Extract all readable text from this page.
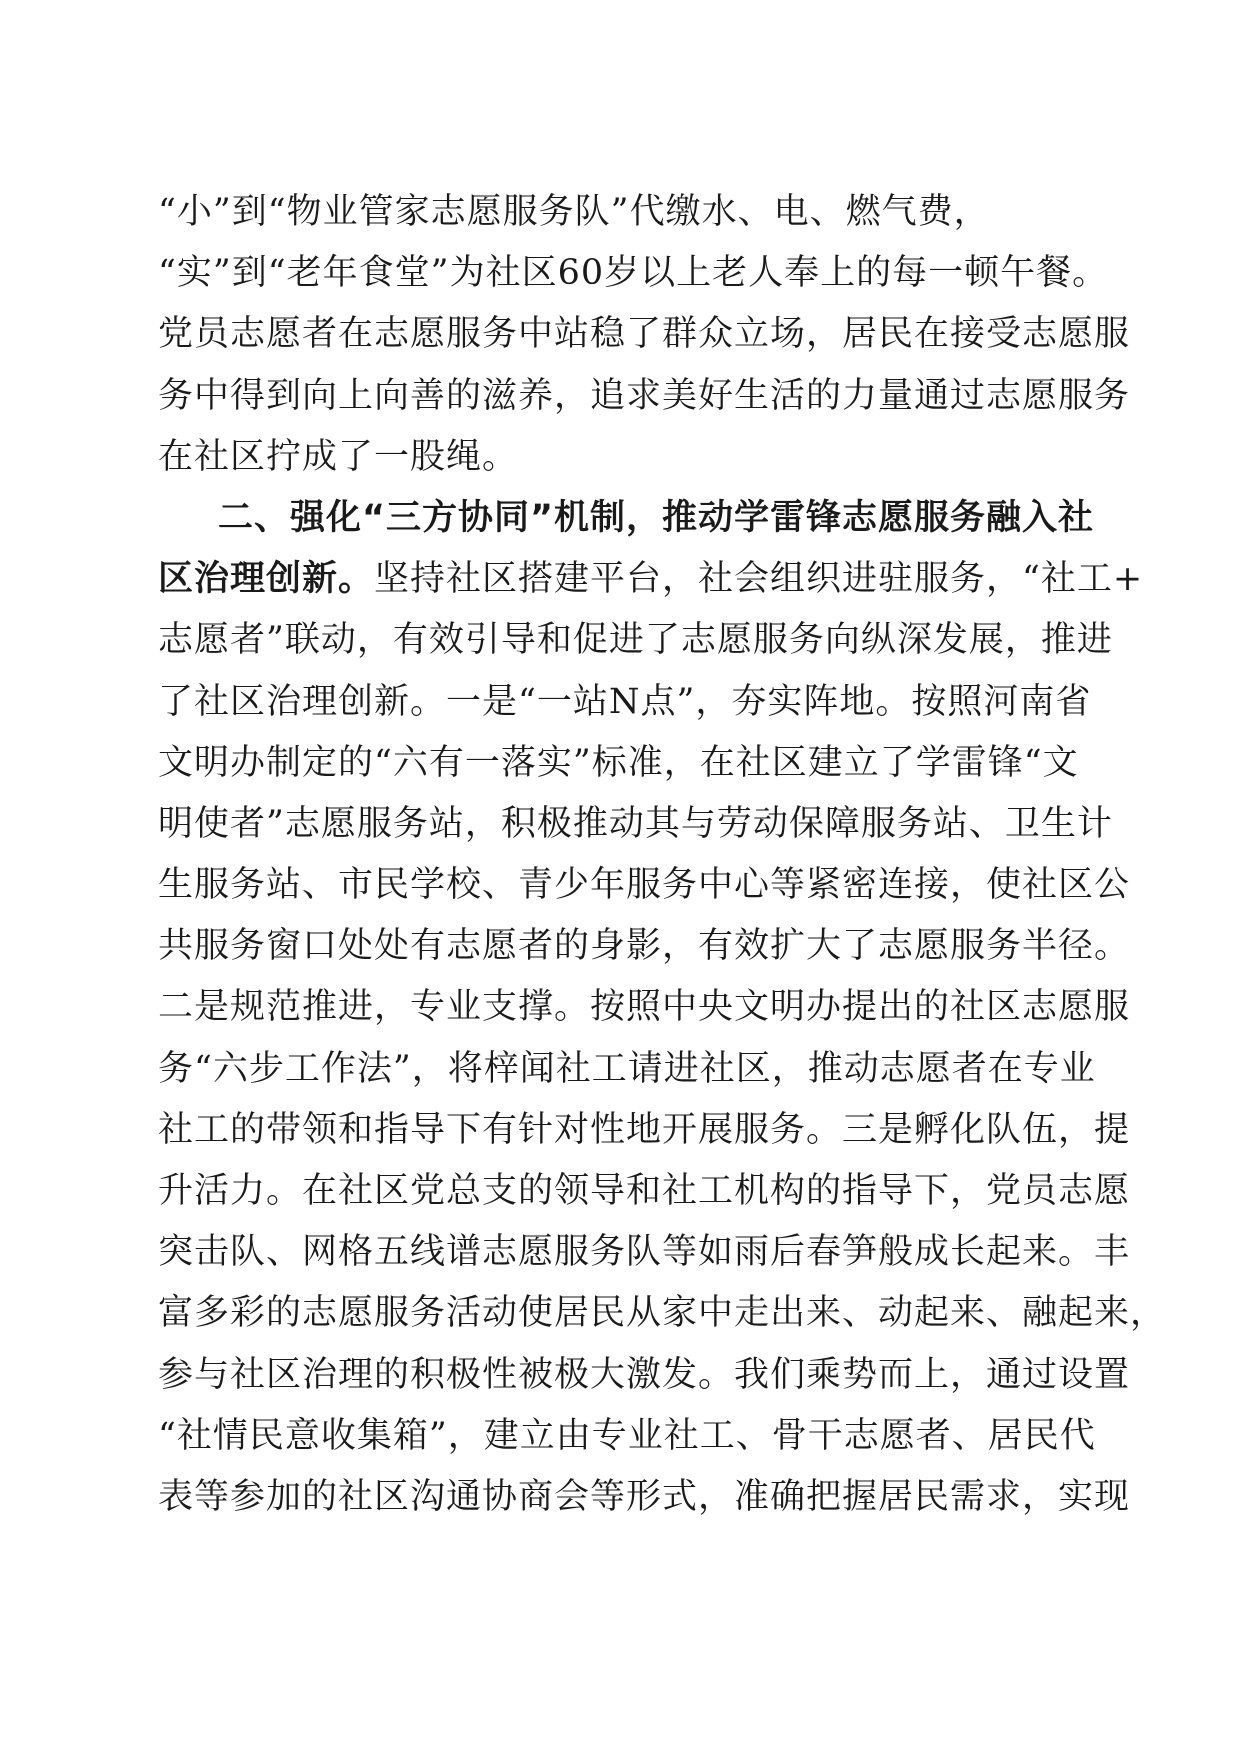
“小”到“物业管家志愿服务队”代缴水、电、燃气费，
“实”到“老年食堂”为社区60岁以上老人奉上的每一顿午餐。
党员志愿者在志愿服务中站稳了群众立场，居民在接受志愿服
务中得到向上向善的滋养，追求美好生活的力量通过志愿服务
在社区拧成了一股绳。
二、强化“三方协同”机制，推动学雷锋志愿服务融入社
区治理创新。坚持社区搭建平台，社会组织进驻服务，“社工+
志愿者”联动，有效引导和促进了志愿服务向纵深发展，推进
了社区治理创新。一是“一站N点”，夯实阵地。按照河南省
文明办制定的“六有一落实”标准，在社区建立了学雷锋“文
明使者”志愿服务站，积极推动其与劳动保障服务站、卫生计
生服务站、市民学校、青少年服务中心等紧密连接，使社区公
共服务窗口处处有志愿者的身影，有效扩大了志愿服务半径。
二是规范推进，专业支撑。按照中央文明办提出的社区志愿服
务“六步工作法”，将梓闻社工请进社区，推动志愿者在专业
社工的带领和指导下有针对性地开展服务。三是孵化队伍，提
升活力。在社区党总支的领导和社工机构的指导下，党员志愿
突击队、网格五线谱志愿服务队等如雨后春笋般成长起来。丰
富多彩的志愿服务活动使居民从家中走出来、动起来、融起来，
参与社区治理的积极性被极大激发。我们乘势而上，通过设置
“社情民意收集箱”，建立由专业社工、骨干志愿者、居民代
表等参加的社区沟通协商会等形式，准确把握居民需求，实现
